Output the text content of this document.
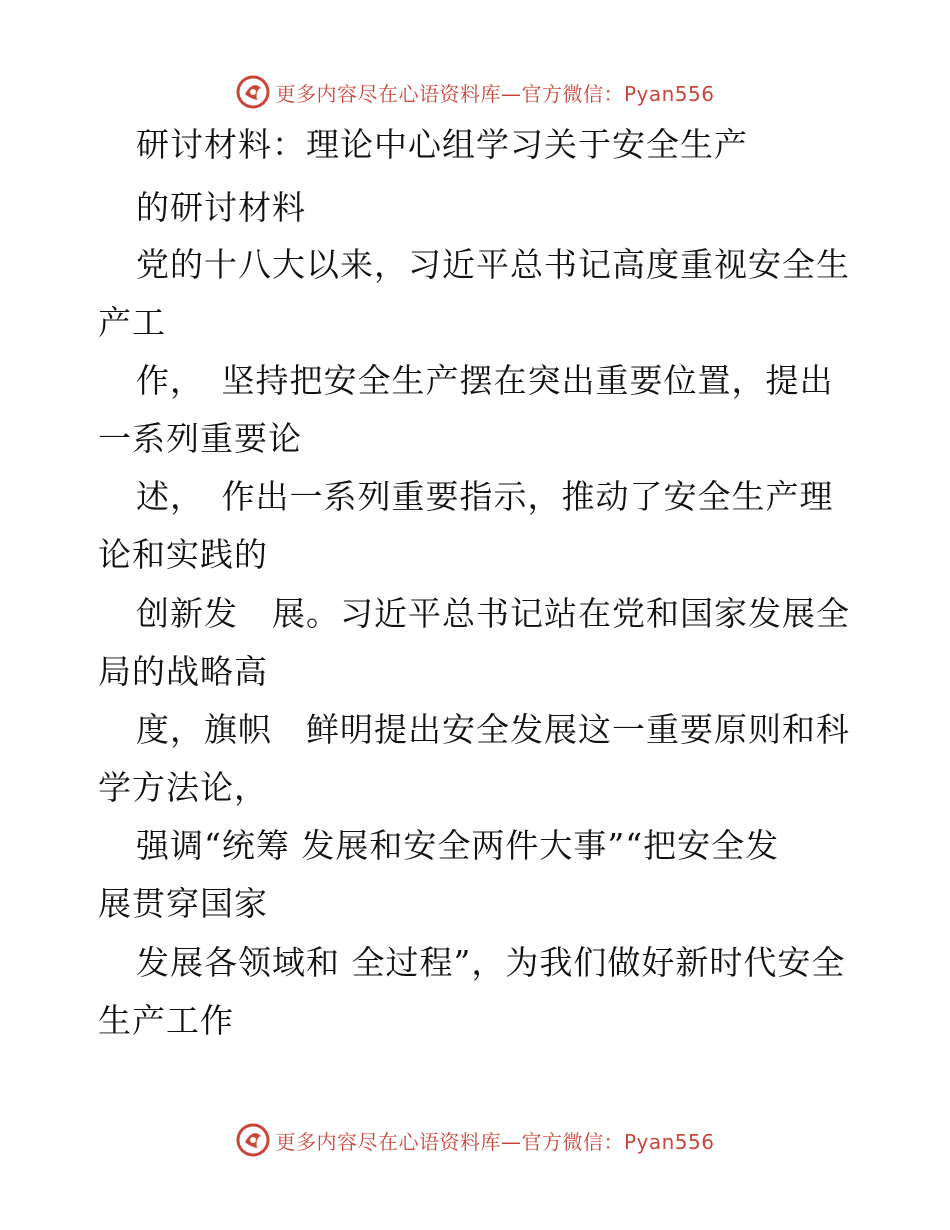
更多内容尽在心语资料库—官方微信：Pyan556
研讨材料：理论中心组学习关于安全生产
的研讨材料
党的十八大以来，习近平总书记高度重视安全生
产工
作，　坚持把安全生产摆在突出重要位置，提出
一系列重要论
述，　作出一系列重要指示，推动了安全生产理
论和实践的
创新发　展。习近平总书记站在党和国家发展全
局的战略高
度，旗帜　鲜明提出安全发展这一重要原则和科
学方法论，
强调“统筹 发展和安全两件大事”“把安全发
展贯穿国家
发展各领域和 全过程”，为我们做好新时代安全
生产工作
更多内容尽在心语资料库—官方微信：Pyan556
